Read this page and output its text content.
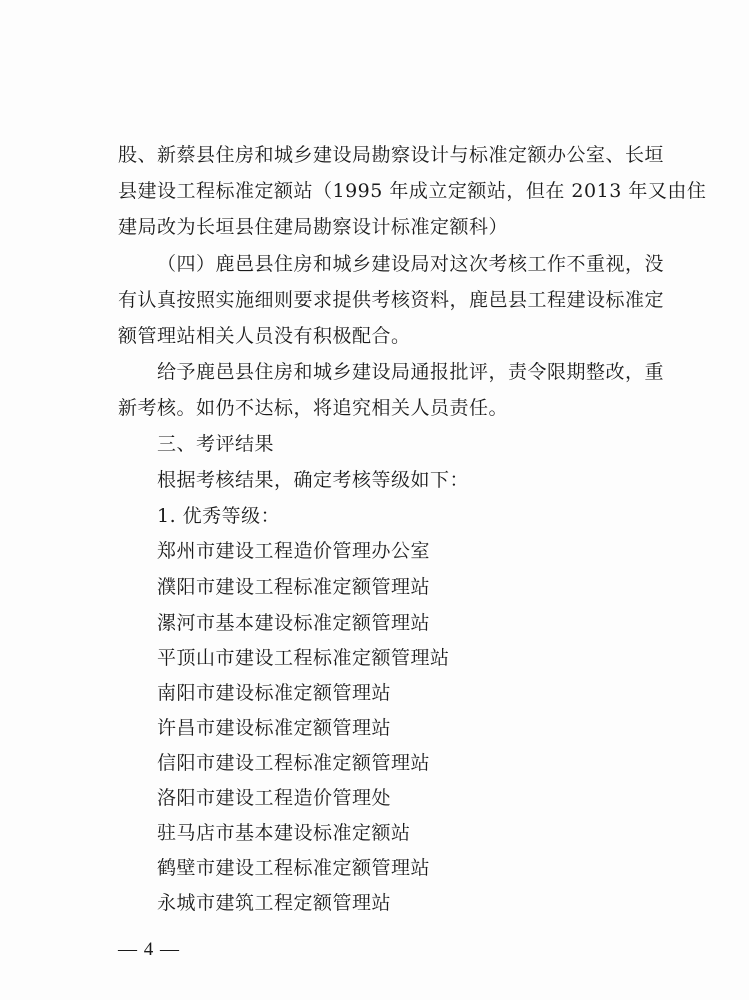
股、新蔡县住房和城乡建设局勘察设计与标准定额办公室、长垣
县建设工程标准定额站（1995 年成立定额站，但在 2013 年又由住
建局改为长垣县住建局勘察设计标准定额科）
（四）鹿邑县住房和城乡建设局对这次考核工作不重视，没
有认真按照实施细则要求提供考核资料，鹿邑县工程建设标准定
额管理站相关人员没有积极配合。
给予鹿邑县住房和城乡建设局通报批评，责令限期整改，重
新考核。如仍不达标，将追究相关人员责任。
三、考评结果
根据考核结果，确定考核等级如下：
1. 优秀等级：
郑州市建设工程造价管理办公室
濮阳市建设工程标准定额管理站
漯河市基本建设标准定额管理站
平顶山市建设工程标准定额管理站
南阳市建设标准定额管理站
许昌市建设标准定额管理站
信阳市建设工程标准定额管理站
洛阳市建设工程造价管理处
驻马店市基本建设标准定额站
鹤壁市建设工程标准定额管理站
永城市建筑工程定额管理站
— 4 —
